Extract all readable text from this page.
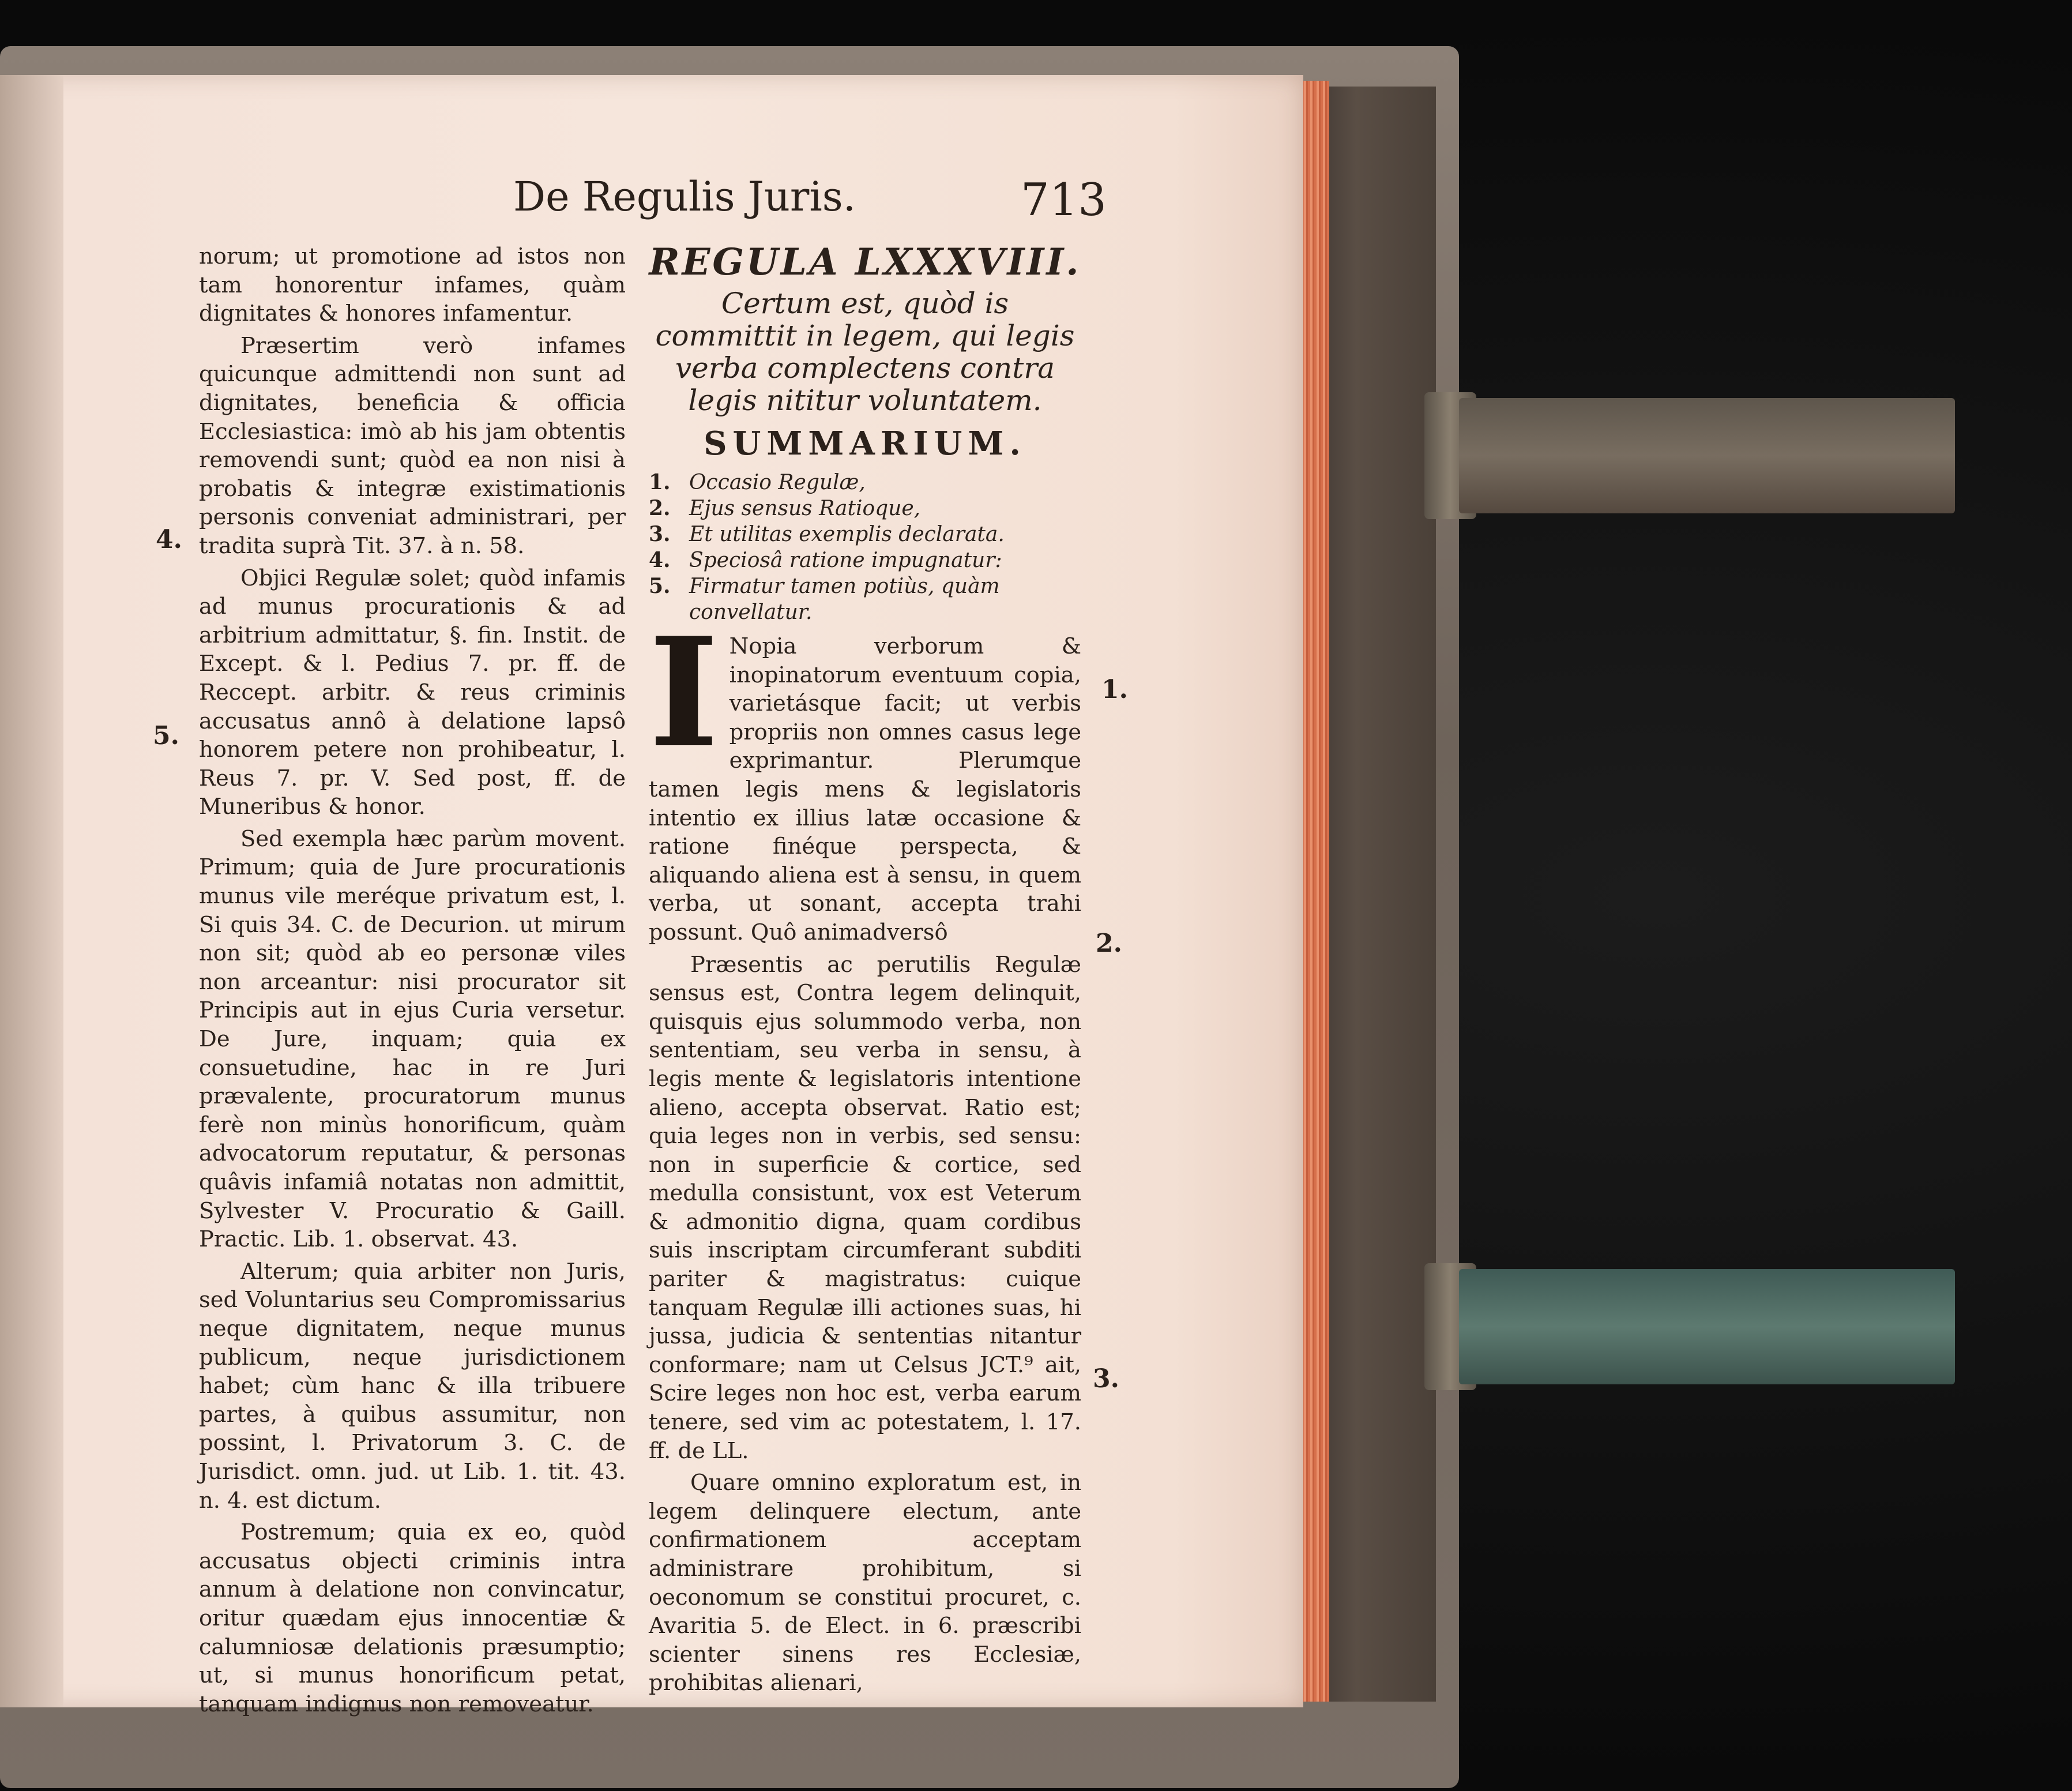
De Regulis Juris.	713

norum; ut promotione ad istos non tam honorentur infames, quàm dignitates & honores infamentur.

Præsertim verò infames quicunque admittendi non sunt ad dignitates, beneficia & officia Ecclesiastica: imò ab his jam obtentis removendi sunt; quòd ea non nisi à probatis & integræ existimationis personis conveniat administrari, per tradita suprà Tit. 37. à n. 58.

Objici Regulæ solet; quòd infamis ad munus procurationis & ad arbitrium admittatur, §. fin. Instit. de Except. & l. Pedius 7. pr. ff. de Reccept. arbitr. & reus criminis accusatus annô à delatione lapsô honorem petere non prohibeatur, l. Reus 7. pr. V. Sed post, ff. de Muneribus & honor.

Sed exempla hæc parùm movent. Primum; quia de Jure procurationis munus vile meréque privatum est, l. Si quis 34. C. de Decurion. ut mirum non sit; quòd ab eo personæ viles non arceantur: nisi procurator sit Principis aut in ejus Curia versetur. De Jure, inquam; quia ex consuetudine, hac in re Juri prævalente, procuratorum munus ferè non minùs honorificum, quàm advocatorum reputatur, & personas quâvis infamiâ notatas non admittit, Sylvester V. Procuratio & Gaill. Practic. Lib. 1. observat. 43.

Alterum; quia arbiter non Juris, sed Voluntarius seu Compromissarius neque dignitatem, neque munus publicum, neque jurisdictionem habet; cùm hanc & illa tribuere partes, à quibus assumitur, non possint, l. Privatorum 3. C. de Jurisdict. omn. jud. ut Lib. 1. tit. 43. n. 4. est dictum.

Postremum; quia ex eo, quòd accusatus objecti criminis intra annum à delatione non convincatur, oritur quædam ejus innocentiæ & calumniosæ delationis præsumptio; ut, si munus honorificum petat, tanquam indignus non removeatur.

4.
5.

REGULA LXXXVIII.

Certum est, quòd is committit in legem, qui legis verba complectens contra legis nititur voluntatem.

SUMMARIUM.

1. Occasio Regulæ,
2. Ejus sensus Ratioque,
3. Et utilitas exemplis declarata.
4. Speciosâ ratione impugnatur:
5. Firmatur tamen potiùs, quàm convellatur.
I Nopia verborum & inopinatorum eventuum copia, varietásque facit; ut verbis propriis non omnes casus lege exprimantur. Plerumque tamen legis mens & legislatoris intentio ex illius latæ occasione & ratione finéque perspecta, & aliquando aliena est à sensu, in quem verba, ut sonant, accepta trahi possunt. Quô animadversô

Præsentis ac perutilis Regulæ sensus est, Contra legem delinquit, quisquis ejus solummodo verba, non sententiam, seu verba in sensu, à legis mente & legislatoris intentione alieno, accepta observat. Ratio est; quia leges non in verbis, sed sensu: non in superficie & cortice, sed medulla consistunt, vox est Veterum & admonitio digna, quam cordibus suis inscriptam circumferant subditi pariter & magistratus: cuique tanquam Regulæ illi actiones suas, hi jussa, judicia & sententias nitantur conformare; nam ut Celsus JCT.⁹ ait, Scire leges non hoc est, verba earum tenere, sed vim ac potestatem, l. 17. ff. de LL.

Quare omnino exploratum est, in legem delinquere electum, ante confirmationem acceptam administrare prohibitum, si oeconomum se constitui procuret, c. Avaritia 5. de Elect. in 6. præscribi scienter sinens res Ecclesiæ, prohibitas alienari,

1.
2.
3.
